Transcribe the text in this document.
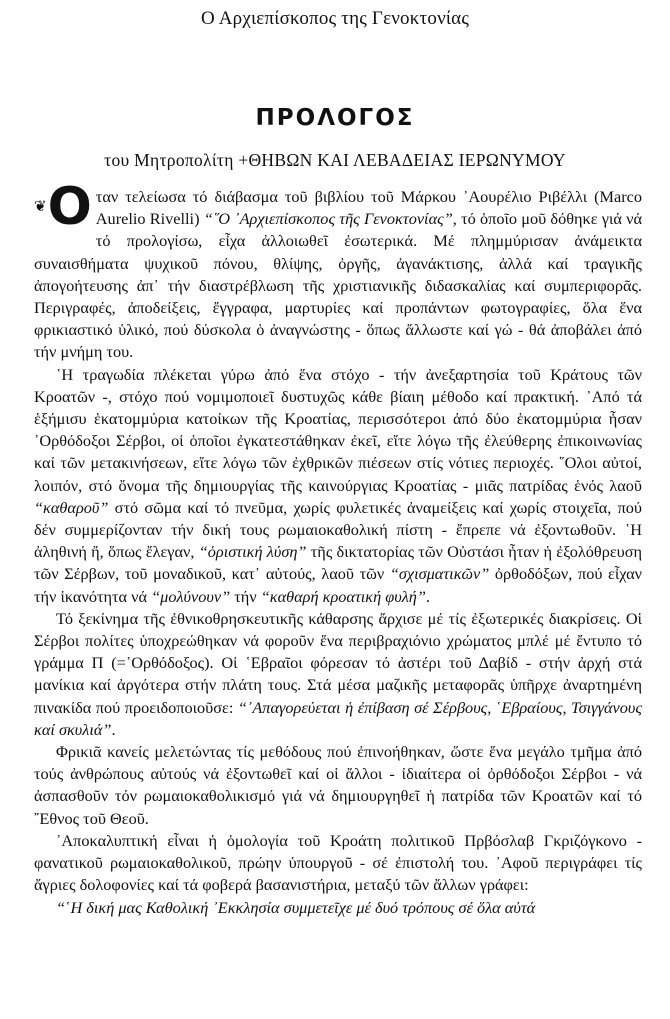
Ο Αρχιεπίσκοπος της Γενοκτονίας
ΠΡΟΛΟΓΟΣ
του Μητροπολίτη +ΘΗΒΩΝ ΚΑΙ ΛΕΒΑΔΕΙΑΣ ΙΕΡΩΝΥΜΟΥ

❦Ο ταν τελείωσα τό διάβασμα τοῦ βιβλίου τοῦ Μάρκου ᾿Αουρέλιο Ριβέλλι (Marco Aurelio Rivelli) “῞Ο ᾿Αρχιεπίσκοπος τῆς Γενοκτονίας”, τό ὁποῖο μοῦ δόθηκε γιά νά τό προλογίσω, εἶχα ἀλλοιωθεῖ ἐσωτερικά. Μέ πλημμύρισαν ἀνάμεικτα συναισθήματα ψυχικοῦ πόνου, θλίψης, ὀργῆς, ἀγανάκτισης, ἀλλά καί τραγικῆς ἀπογοήτευσης ἀπ᾿ τήν διαστρέβλωση τῆς χριστιανικῆς διδασκαλίας καί συμπεριφορᾶς. Περιγραφές, ἀποδείξεις, ἔγγραφα, μαρτυρίες καί προπάντων φωτογραφίες, ὅλα ἕνα φρικιαστικό ὑλικό, πού δύσκολα ὁ ἀναγνώστης - ὅπως ἄλλωστε καί γώ - θά ἀποβάλει ἀπό τήν μνήμη του.

῾Η τραγωδία πλέκεται γύρω ἀπό ἕνα στόχο - τήν ἀνεξαρτησία τοῦ Κράτους τῶν Κροατῶν -, στόχο πού νομιμοποιεῖ δυστυχῶς κάθε βίαιη μέθοδο καί πρακτική. ᾿Από τά ἑξήμισυ ἑκατομμύρια κατοίκων τῆς Κροατίας, περισσότεροι ἀπό δύο ἑκατομμύρια ἦσαν ᾿Ορθόδοξοι Σέρβοι, οἱ ὁποῖοι ἐγκατεστάθηκαν ἐκεῖ, εἴτε λόγω τῆς ἐλεύθερης ἐπικοινωνίας καί τῶν μετακινήσεων, εἴτε λόγω τῶν ἐχθρικῶν πιέσεων στίς νότιες περιοχές. ῞Ολοι αὐτοί, λοιπόν, στό ὄνομα τῆς δημιουργίας τῆς καινούργιας Κροατίας - μιᾶς πατρίδας ἑνός λαοῦ “καθαροῦ” στό σῶμα καί τό πνεῦμα, χωρίς φυλετικές ἀναμείξεις καί χωρίς στοιχεῖα, πού δέν συμμερίζονταν τήν δική τους ρωμαιοκαθολική πίστη - ἔπρεπε νά ἐξοντωθοῦν. ῾Η ἀληθινή ἤ, ὅπως ἔλεγαν, “ὁριστική λύση” τῆς δικτατορίας τῶν Οὐστάσι ἦταν ἡ ἐξολόθρευση τῶν Σέρβων, τοῦ μοναδικοῦ, κατ᾿ αὐτούς, λαοῦ τῶν “σχισματικῶν” ὀρθοδόξων, πού εἶχαν τήν ἱκανότητα νά “μολύνουν” τήν “καθαρή κροατική φυλή”.

Τό ξεκίνημα τῆς ἐθνικοθρησκευτικῆς κάθαρσης ἄρχισε μέ τίς ἐξωτερικές διακρίσεις. Οἱ Σέρβοι πολίτες ὑποχρεώθηκαν νά φοροῦν ἕνα περιβραχιόνιο χρώματος μπλέ μέ ἔντυπο τό γράμμα Π (=᾿Ορθόδοξος). Οἱ ῾Εβραῖοι φόρεσαν τό ἀστέρι τοῦ Δαβίδ - στήν ἀρχή στά μανίκια καί ἀργότερα στήν πλάτη τους. Στά μέσα μαζικῆς μεταφορᾶς ὑπῆρχε ἀναρτημένη πινακίδα πού προειδοποιοῦσε: “᾿Απαγορεύεται ἡ ἐπίβαση σέ Σέρβους, ῾Εβραίους, Τσιγγάνους καί σκυλιά”.

Φρικιᾶ κανείς μελετώντας τίς μεθόδους πού ἐπινοήθηκαν, ὥστε ἕνα μεγάλο τμῆμα ἀπό τούς ἀνθρώπους αὐτούς νά ἐξοντωθεῖ καί οἱ ἄλλοι - ἰδιαίτερα οἱ ὀρθόδοξοι Σέρβοι - νά ἀσπασθοῦν τόν ρωμαιοκαθολικισμό γιά νά δημιουργηθεῖ ἡ πατρίδα τῶν Κροατῶν καί τό ῎Εθνος τοῦ Θεοῦ.

᾿Αποκαλυπτική εἶναι ἡ ὁμολογία τοῦ Κροάτη πολιτικοῦ Πρβόσλαβ Γκριζόγκονο - φανατικοῦ ρωμαιοκαθολικοῦ, πρώην ὑπουργοῦ - σέ ἐπιστολή του. ᾿Αφοῦ περιγράφει τίς ἄγριες δολοφονίες καί τά φοβερά βασανιστήρια, μεταξύ τῶν ἄλλων γράφει:

“῾Η δική μας Καθολική ᾿Εκκλησία συμμετεῖχε μέ δυό τρόπους σέ ὅλα αὐτά
